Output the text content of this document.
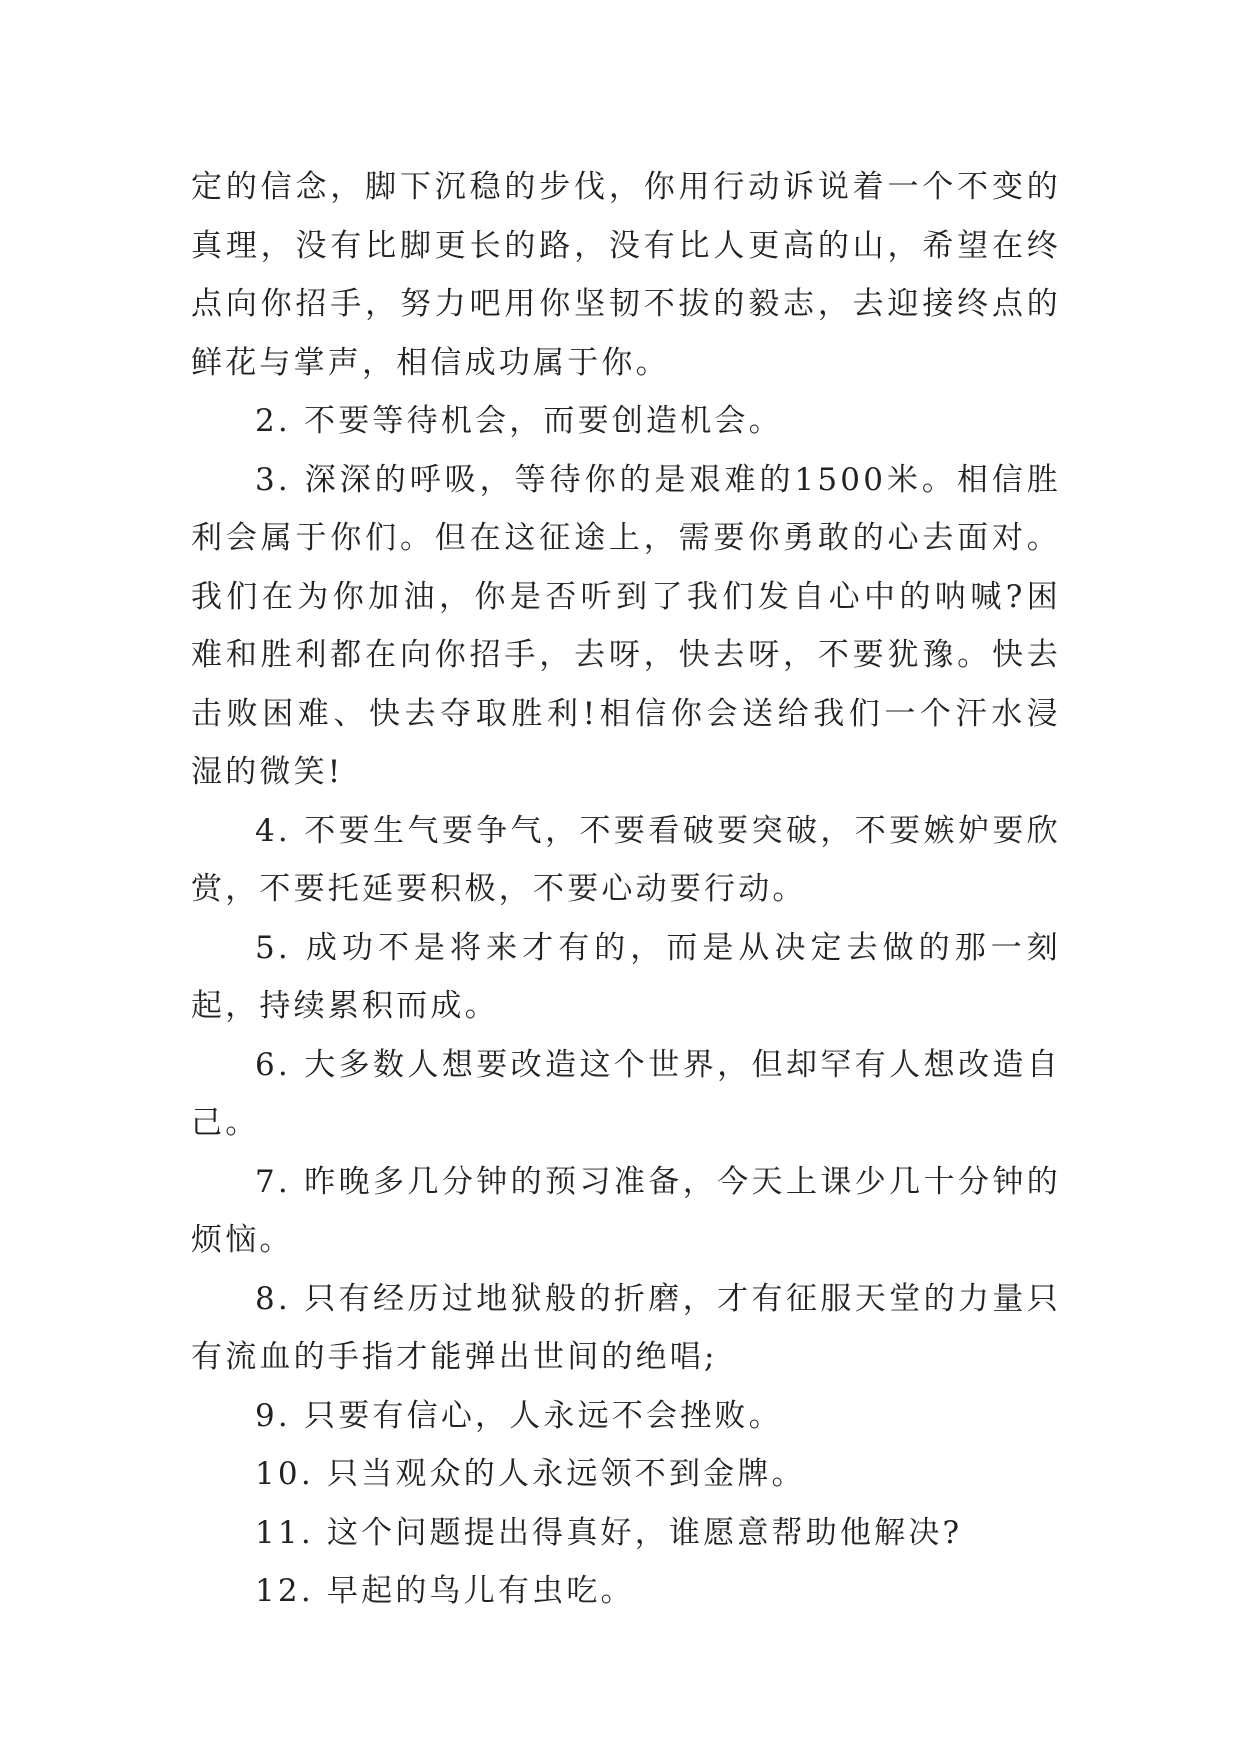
定的信念，脚下沉稳的步伐，你用行动诉说着一个不变的真理，没有比脚更长的路，没有比人更高的山，希望在终点向你招手，努力吧用你坚韧不拔的毅志，去迎接终点的鲜花与掌声，相信成功属于你。

2. 不要等待机会，而要创造机会。

3. 深深的呼吸，等待你的是艰难的1500米。相信胜利会属于你们。但在这征途上，需要你勇敢的心去面对。我们在为你加油，你是否听到了我们发自心中的呐喊?困难和胜利都在向你招手，去呀，快去呀，不要犹豫。快去击败困难、快去夺取胜利!相信你会送给我们一个汗水浸湿的微笑!

4. 不要生气要争气，不要看破要突破，不要嫉妒要欣赏，不要托延要积极，不要心动要行动。

5. 成功不是将来才有的，而是从决定去做的那一刻起，持续累积而成。

6. 大多数人想要改造这个世界，但却罕有人想改造自己。

7. 昨晚多几分钟的预习准备，今天上课少几十分钟的烦恼。

8. 只有经历过地狱般的折磨，才有征服天堂的力量只有流血的手指才能弹出世间的绝唱;

9. 只要有信心，人永远不会挫败。

10. 只当观众的人永远领不到金牌。

11. 这个问题提出得真好，谁愿意帮助他解决?

12. 早起的鸟儿有虫吃。
